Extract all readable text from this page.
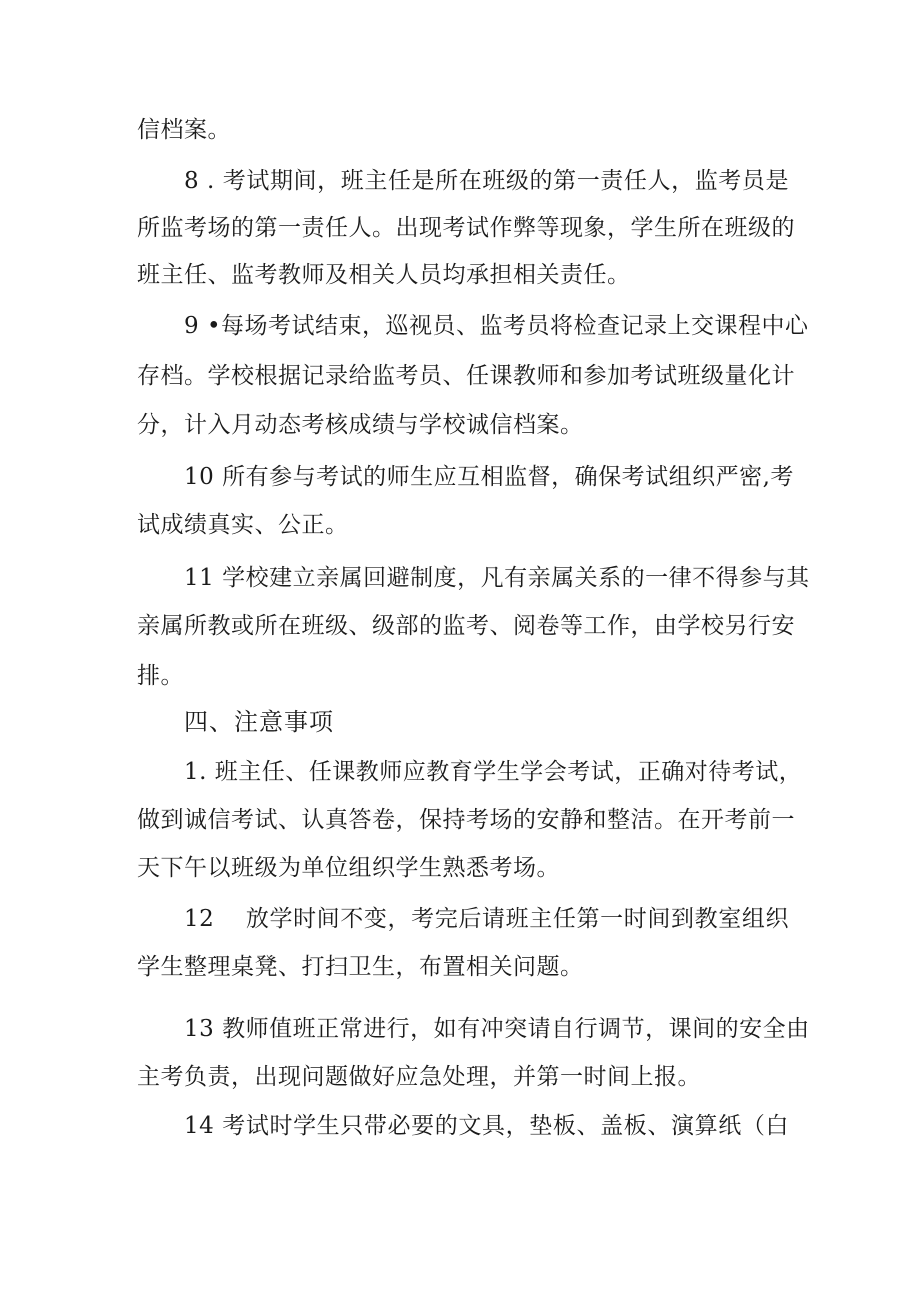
信档案。

8 . 考试期间，班主任是所在班级的第一责任人，监考员是

所监考场的第一责任人。出现考试作弊等现象，学生所在班级的

班主任、监考教师及相关人员均承担相关责任。

9 •每场考试结束，巡视员、监考员将检查记录上交课程中心

存档。学校根据记录给监考员、任课教师和参加考试班级量化计

分，计入月动态考核成绩与学校诚信档案。

10 所有参与考试的师生应互相监督，确保考试组织严密,考

试成绩真实、公正。

11 学校建立亲属回避制度，凡有亲属关系的一律不得参与其

亲属所教或所在班级、级部的监考、阅卷等工作，由学校另行安

排。

四、注意事项

1. 班主任、任课教师应教育学生学会考试，正确对待考试，

做到诚信考试、认真答卷，保持考场的安静和整洁。在开考前一

天下午以班级为单位组织学生熟悉考场。

12 　放学时间不变，考完后请班主任第一时间到教室组织

学生整理桌凳、打扫卫生，布置相关问题。

13 教师值班正常进行，如有冲突请自行调节，课间的安全由

主考负责，出现问题做好应急处理，并第一时间上报。

14 考试时学生只带必要的文具，垫板、盖板、演算纸（白
